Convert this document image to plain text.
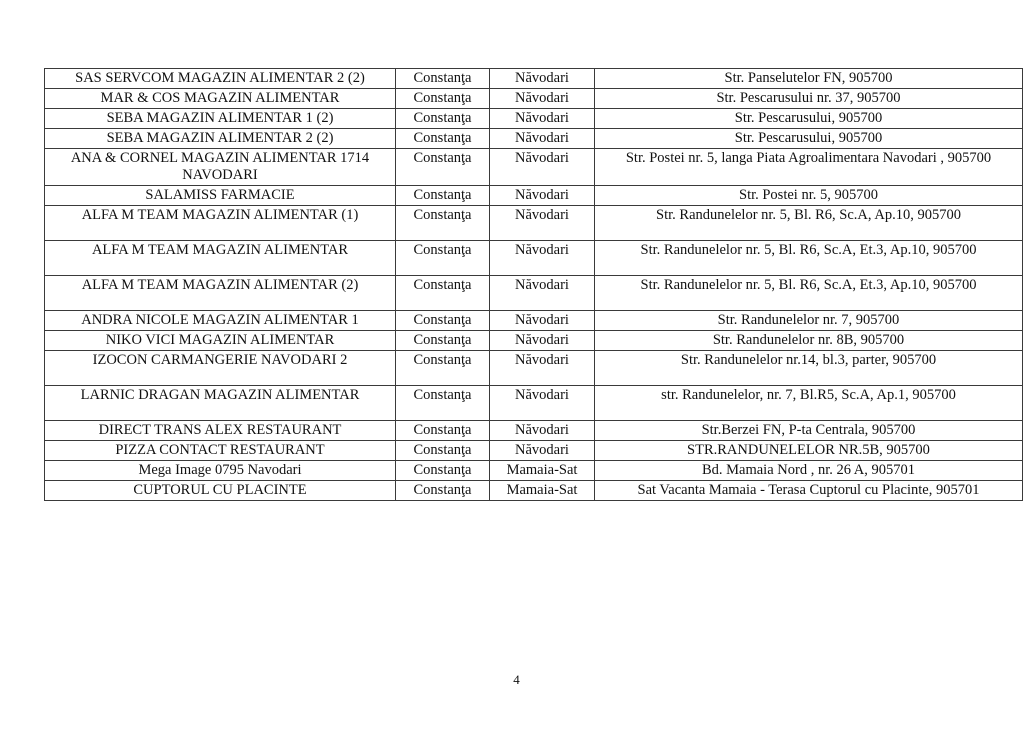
SAS SERVCOM MAGAZIN ALIMENTAR 2 (2)	Constanţa	Năvodari	Str. Panselutelor FN, 905700
MAR & COS MAGAZIN ALIMENTAR	Constanţa	Năvodari	Str. Pescarusului nr. 37, 905700
SEBA MAGAZIN ALIMENTAR 1 (2)	Constanţa	Năvodari	Str. Pescarusului, 905700
SEBA MAGAZIN ALIMENTAR 2 (2)	Constanţa	Năvodari	Str. Pescarusului, 905700
ANA & CORNEL MAGAZIN ALIMENTAR 1714 NAVODARI	Constanţa	Năvodari	Str. Postei nr. 5, langa Piata Agroalimentara Navodari , 905700
SALAMISS FARMACIE	Constanţa	Năvodari	Str. Postei nr. 5, 905700
ALFA M TEAM MAGAZIN ALIMENTAR (1)	Constanţa	Năvodari	Str. Randunelelor nr. 5, Bl. R6, Sc.A, Ap.10, 905700
ALFA M TEAM MAGAZIN ALIMENTAR	Constanţa	Năvodari	Str. Randunelelor nr. 5, Bl. R6, Sc.A, Et.3, Ap.10, 905700
ALFA M TEAM MAGAZIN ALIMENTAR (2)	Constanţa	Năvodari	Str. Randunelelor nr. 5, Bl. R6, Sc.A, Et.3, Ap.10, 905700
ANDRA NICOLE MAGAZIN ALIMENTAR 1	Constanţa	Năvodari	Str. Randunelelor nr. 7, 905700
NIKO VICI MAGAZIN ALIMENTAR	Constanţa	Năvodari	Str. Randunelelor nr. 8B, 905700
IZOCON CARMANGERIE NAVODARI 2	Constanţa	Năvodari	Str. Randunelelor nr.14, bl.3, parter, 905700
LARNIC DRAGAN MAGAZIN ALIMENTAR	Constanţa	Năvodari	str. Randunelelor, nr. 7, Bl.R5, Sc.A, Ap.1, 905700
DIRECT TRANS ALEX RESTAURANT	Constanţa	Năvodari	Str.Berzei FN, P-ta Centrala, 905700
PIZZA CONTACT RESTAURANT	Constanţa	Năvodari	STR.RANDUNELELOR NR.5B, 905700
Mega Image 0795 Navodari	Constanţa	Mamaia-Sat	Bd. Mamaia Nord , nr. 26 A, 905701
CUPTORUL CU PLACINTE	Constanţa	Mamaia-Sat	Sat Vacanta Mamaia - Terasa Cuptorul cu Placinte, 905701
4
